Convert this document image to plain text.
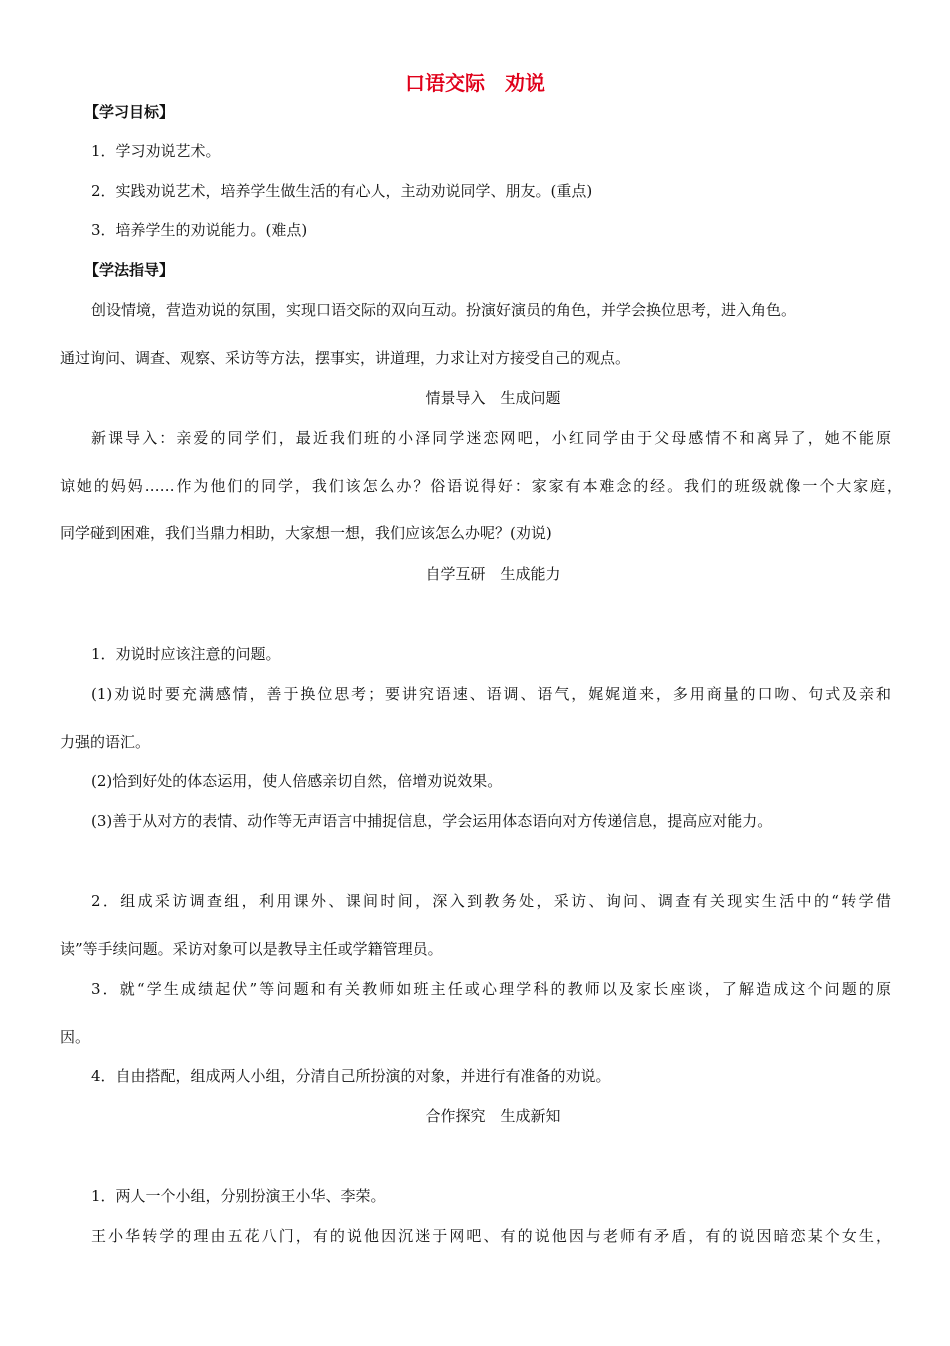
口语交际　劝说
【学习目标】
1．学习劝说艺术。
2．实践劝说艺术，培养学生做生活的有心人，主动劝说同学、朋友。(重点)
3．培养学生的劝说能力。(难点)
【学法指导】
创设情境，营造劝说的氛围，实现口语交际的双向互动。扮演好演员的角色，并学会换位思考，进入角色。
通过询问、调查、观察、采访等方法，摆事实，讲道理，力求让对方接受自己的观点。
情景导入　生成问题
新课导入：亲爱的同学们，最近我们班的小泽同学迷恋网吧，小红同学由于父母感情不和离异了，她不能原
谅她的妈妈……作为他们的同学，我们该怎么办？俗语说得好：家家有本难念的经。我们的班级就像一个大家庭，
同学碰到困难，我们当鼎力相助，大家想一想，我们应该怎么办呢？(劝说)
自学互研　生成能力
1．劝说时应该注意的问题。
(1)劝说时要充满感情，善于换位思考；要讲究语速、语调、语气，娓娓道来，多用商量的口吻、句式及亲和
力强的语汇。
(2)恰到好处的体态运用，使人倍感亲切自然，倍增劝说效果。
(3)善于从对方的表情、动作等无声语言中捕捉信息，学会运用体态语向对方传递信息，提高应对能力。
2．组成采访调查组，利用课外、课间时间，深入到教务处，采访、询问、调查有关现实生活中的“转学借
读”等手续问题。采访对象可以是教导主任或学籍管理员。
3．就“学生成绩起伏”等问题和有关教师如班主任或心理学科的教师以及家长座谈，了解造成这个问题的原
因。
4．自由搭配，组成两人小组，分清自己所扮演的对象，并进行有准备的劝说。
合作探究　生成新知
1．两人一个小组，分别扮演王小华、李荣。
王小华转学的理由五花八门，有的说他因沉迷于网吧、有的说他因与老师有矛盾，有的说因暗恋某个女生，
